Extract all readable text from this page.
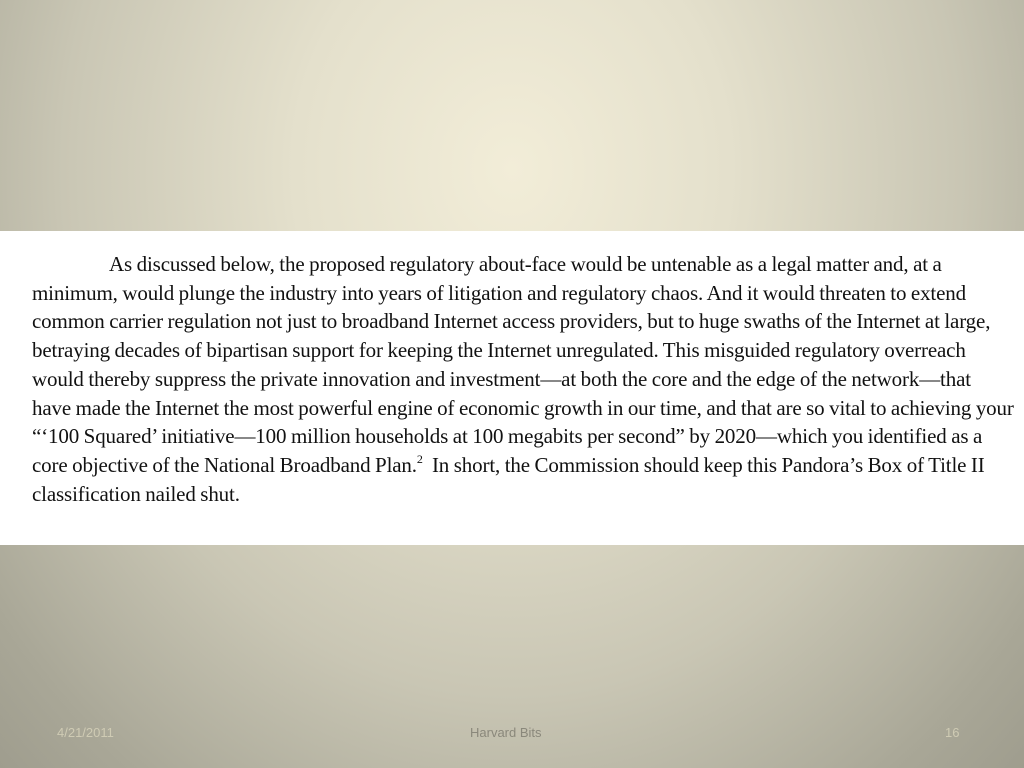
As discussed below, the proposed regulatory about-face would be untenable as a legal matter and, at a minimum, would plunge the industry into years of litigation and regulatory chaos. And it would threaten to extend common carrier regulation not just to broadband Internet access providers, but to huge swaths of the Internet at large, betraying decades of bipartisan support for keeping the Internet unregulated. This misguided regulatory overreach would thereby suppress the private innovation and investment—at both the core and the edge of the network—that have made the Internet the most powerful engine of economic growth in our time, and that are so vital to achieving your “‘100 Squared’ initiative—100 million households at 100 megabits per second” by 2020—which you identified as a core objective of the National Broadband Plan.$^2$ In short, the Commission should keep this Pandora’s Box of Title II classification nailed shut.

4/21/2011	Harvard Bits	16
